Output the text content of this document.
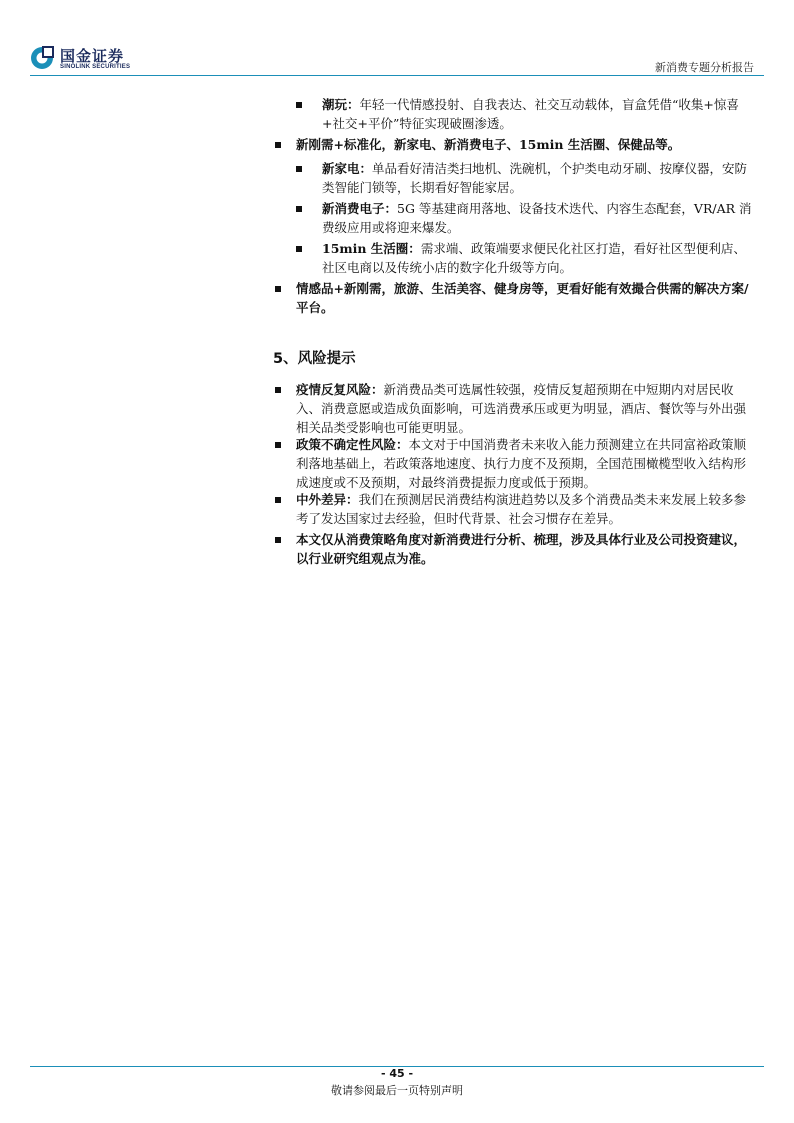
国金证券
SINOLINK SECURITIES	新消费专题分析报告
潮玩：年轻一代情感投射、自我表达、社交互动载体，盲盒凭借“收集+惊喜+社交+平价”特征实现破圈渗透。
新刚需+标准化，新家电、新消费电子、15min 生活圈、保健品等。
新家电：单品看好清洁类扫地机、洗碗机，个护类电动牙刷、按摩仪器，安防类智能门锁等，长期看好智能家居。
新消费电子：5G 等基建商用落地、设备技术迭代、内容生态配套，VR/AR 消费级应用或将迎来爆发。
15min 生活圈：需求端、政策端要求便民化社区打造，看好社区型便利店、社区电商以及传统小店的数字化升级等方向。
情感品+新刚需，旅游、生活美容、健身房等，更看好能有效撮合供需的解决方案/平台。
5、风险提示
疫情反复风险：新消费品类可选属性较强，疫情反复超预期在中短期内对居民收入、消费意愿或造成负面影响，可选消费承压或更为明显，酒店、餐饮等与外出强相关品类受影响也可能更明显。
政策不确定性风险：本文对于中国消费者未来收入能力预测建立在共同富裕政策顺利落地基础上，若政策落地速度、执行力度不及预期，全国范围橄榄型收入结构形成速度或不及预期，对最终消费提振力度或低于预期。
中外差异：我们在预测居民消费结构演进趋势以及多个消费品类未来发展上较多参考了发达国家过去经验，但时代背景、社会习惯存在差异。
本文仅从消费策略角度对新消费进行分析、梳理，涉及具体行业及公司投资建议，以行业研究组观点为准。
- 45 -
敬请参阅最后一页特别声明
